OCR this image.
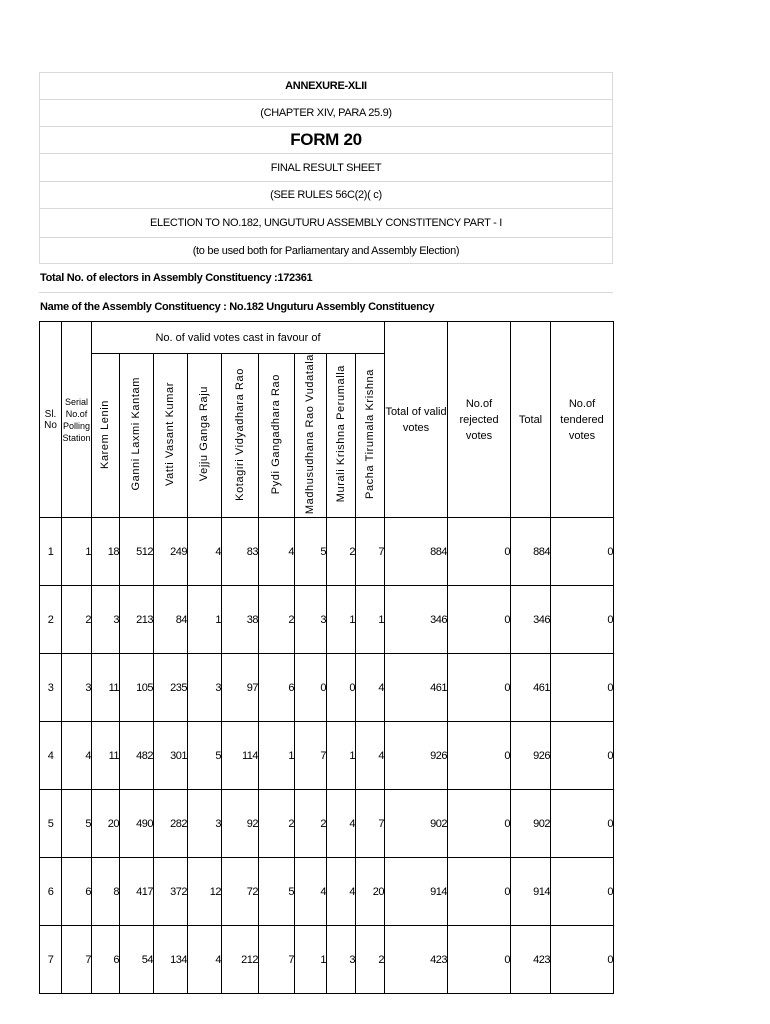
ANNEXURE-XLII
(CHAPTER XIV, PARA 25.9)
FORM 20
FINAL RESULT SHEET
(SEE RULES 56C(2)( c)
ELECTION TO NO.182, UNGUTURU ASSEMBLY CONSTITENCY PART - I
(to be used both for Parliamentary and Assembly Election)
Total No. of electors in Assembly Constituency :172361
Name of the Assembly Constituency : No.182 Unguturu Assembly Constituency
Sl. No	Serial No.of Polling Station	No. of valid votes cast in favour of									Total of valid votes	No.of rejected votes	Total	No.of tendered votes
		Karem Lenin	Ganni Laxmi Kantam	Vatti Vasant Kumar	Vejju Ganga Raju	Kotagiri Vidyadhara Rao	Pydi Gangadhara Rao	Madhusudhana Rao Vudatala	Murali Krishna Perumalla	Pacha Tirumala Krishna				
1	1	18	512	249	4	83	4	5	2	7	884	0	884	0
2	2	3	213	84	1	38	2	3	1	1	346	0	346	0
3	3	11	105	235	3	97	6	0	0	4	461	0	461	0
4	4	11	482	301	5	114	1	7	1	4	926	0	926	0
5	5	20	490	282	3	92	2	2	4	7	902	0	902	0
6	6	8	417	372	12	72	5	4	4	20	914	0	914	0
7	7	6	54	134	4	212	7	1	3	2	423	0	423	0
